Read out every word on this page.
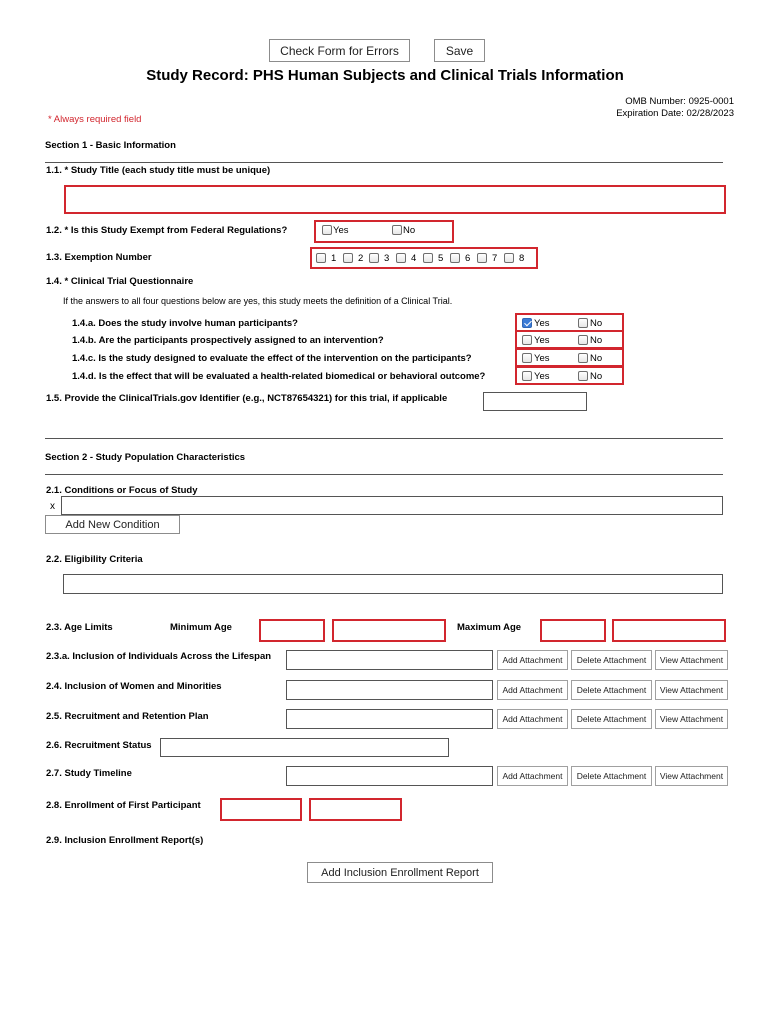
Check Form for Errors	Save
Study Record: PHS Human Subjects and Clinical Trials Information
OMB Number: 0925-0001
Expiration Date: 02/28/2023
* Always required field
Section 1 - Basic Information
1.1. * Study Title (each study title must be unique)
1.2. * Is this Study Exempt from Federal Regulations?	Yes	No
1.3. Exemption Number	1 2 3 4 5 6 7 8
1.4. * Clinical Trial Questionnaire
If the answers to all four questions below are yes, this study meets the definition of a Clinical Trial.
1.4.a. Does the study involve human participants?	Yes	No
1.4.b. Are the participants prospectively assigned to an intervention?	Yes	No
1.4.c. Is the study designed to evaluate the effect of the intervention on the participants?	Yes	No
1.4.d. Is the effect that will be evaluated a health-related biomedical or behavioral outcome?	Yes	No
1.5. Provide the ClinicalTrials.gov Identifier (e.g., NCT87654321) for this trial, if applicable
Section 2 - Study Population Characteristics
2.1. Conditions or Focus of Study
x
Add New Condition
2.2. Eligibility Criteria
2.3. Age Limits	Minimum Age	Maximum Age
2.3.a. Inclusion of Individuals Across the Lifespan	Add Attachment	Delete Attachment	View Attachment
2.4. Inclusion of Women and Minorities	Add Attachment	Delete Attachment	View Attachment
2.5. Recruitment and Retention Plan	Add Attachment	Delete Attachment	View Attachment
2.7. Study Timeline	Add Attachment	Delete Attachment	View Attachment
2.6. Recruitment Status
2.8. Enrollment of First Participant
2.9. Inclusion Enrollment Report(s)
Add Inclusion Enrollment Report
